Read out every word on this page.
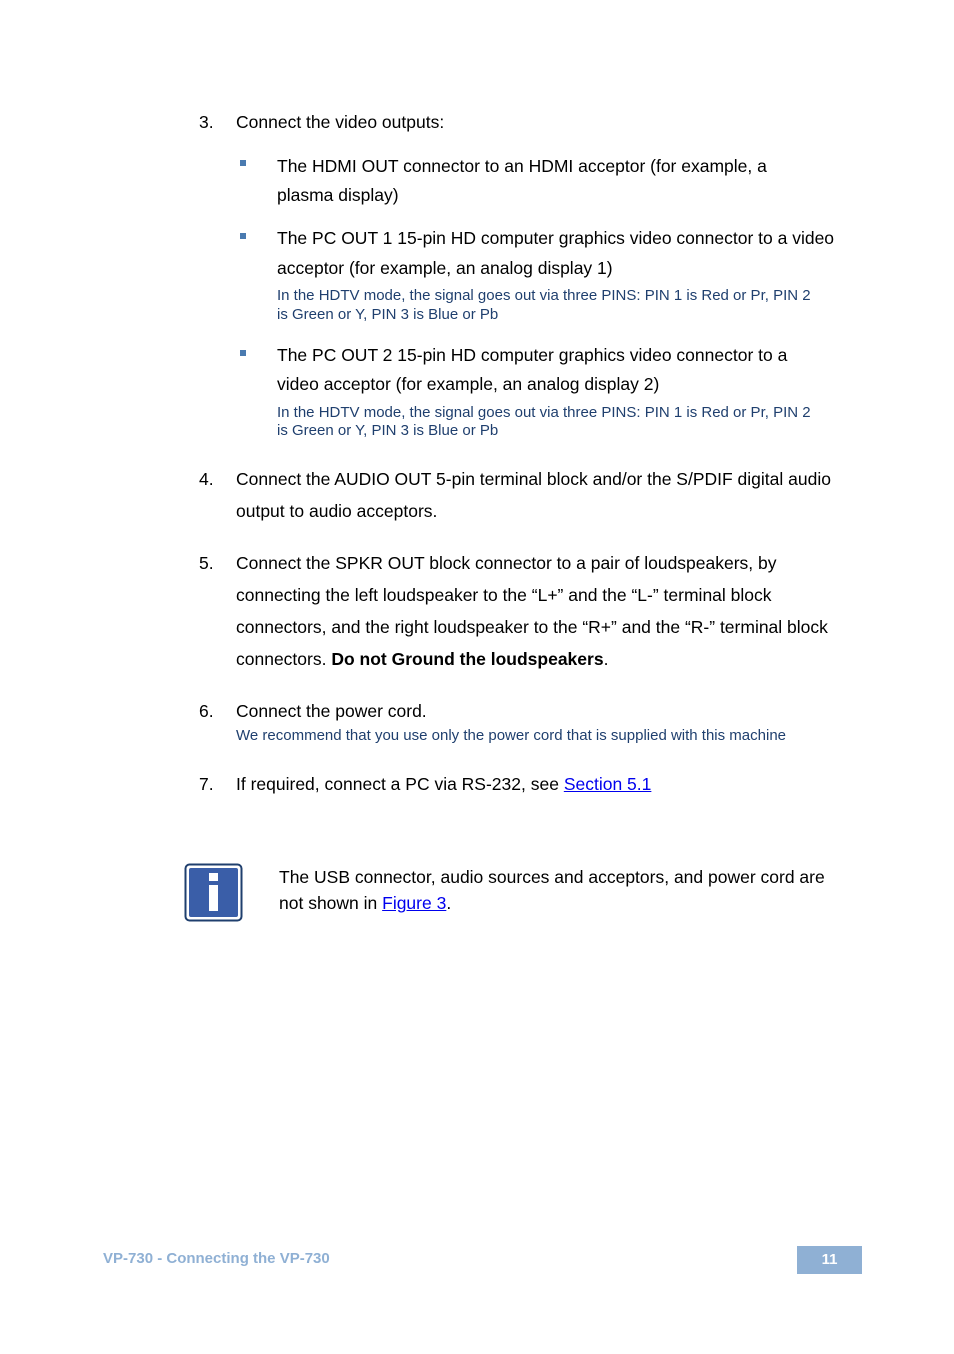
3. Connect the video outputs:
The HDMI OUT connector to an HDMI acceptor (for example, a
plasma display)
The PC OUT 1 15-pin HD computer graphics video connector to a video
acceptor (for example, an analog display 1)
In the HDTV mode, the signal goes out via three PINS: PIN 1 is Red or Pr, PIN 2
is Green or Y, PIN 3 is Blue or Pb
The PC OUT 2 15-pin HD computer graphics video connector to a
video acceptor (for example, an analog display 2)
In the HDTV mode, the signal goes out via three PINS: PIN 1 is Red or Pr, PIN 2
is Green or Y, PIN 3 is Blue or Pb
4. Connect the AUDIO OUT 5-pin terminal block and/or the S/PDIF digital audio
output to audio acceptors.
5. Connect the SPKR OUT block connector to a pair of loudspeakers, by
connecting the left loudspeaker to the “L+” and the “L-” terminal block
connectors, and the right loudspeaker to the “R+” and the “R-” terminal block
connectors. Do not Ground the loudspeakers.
6. Connect the power cord.
We recommend that you use only the power cord that is supplied with this machine
7. If required, connect a PC via RS-232, see Section 5.1
The USB connector, audio sources and acceptors, and power cord are
not shown in Figure 3.
VP-730 - Connecting the VP-730	11
